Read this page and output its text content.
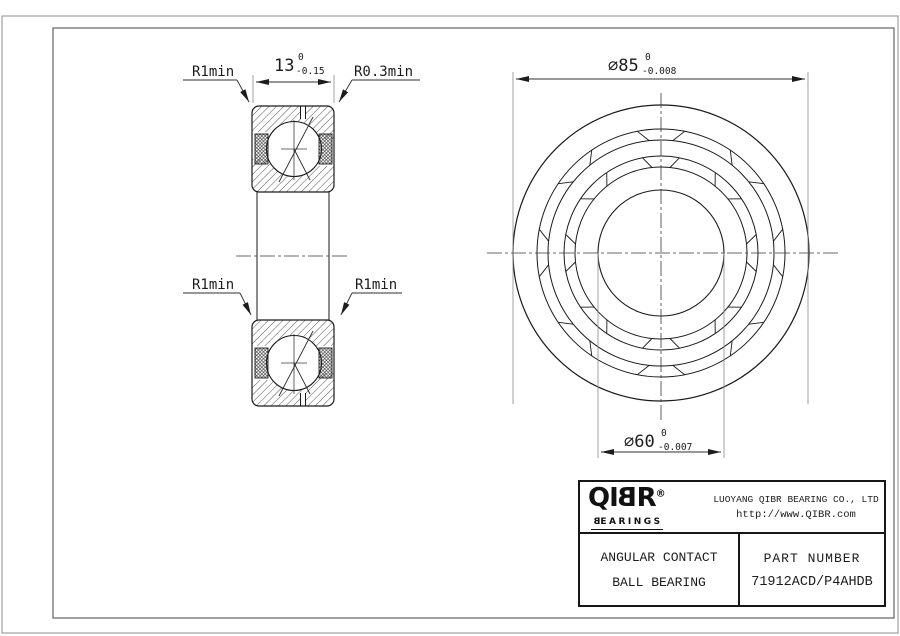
13 0
-0.15
R1min	R0.3min
R1min	R1min
⌀85 0
-0.008
⌀60 0
-0.007
QIBR®
BEARINGS
LUOYANG QIBR BEARING CO., LTD
http://www.QIBR.com
ANGULAR CONTACT
BALL BEARING
PART NUMBER
71912ACD/P4AHDB
